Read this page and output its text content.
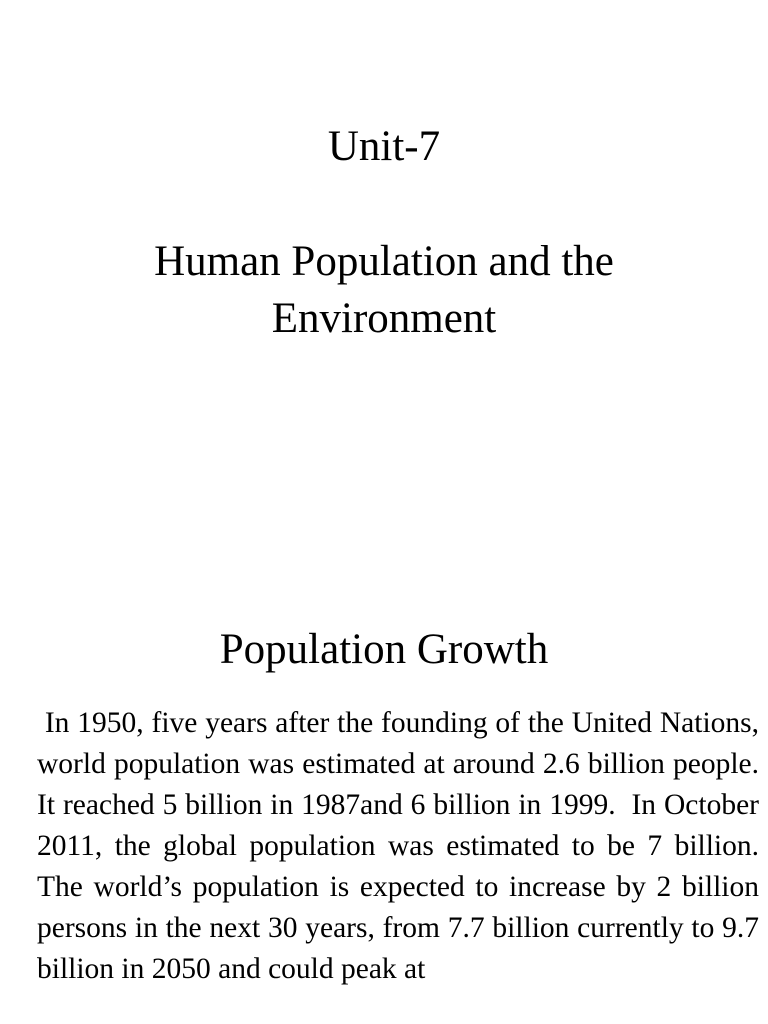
Unit-7
Human Population and the Environment
Population Growth

In 1950, five years after the founding of the United Nations, world population was estimated at around 2.6 billion people. It reached 5 billion in 1987and 6 billion in 1999.  In October 2011, the global population was estimated to be 7 billion. The world’s population is expected to increase by 2 billion persons in the next 30 years, from 7.7 billion currently to 9.7 billion in 2050 and could peak at
